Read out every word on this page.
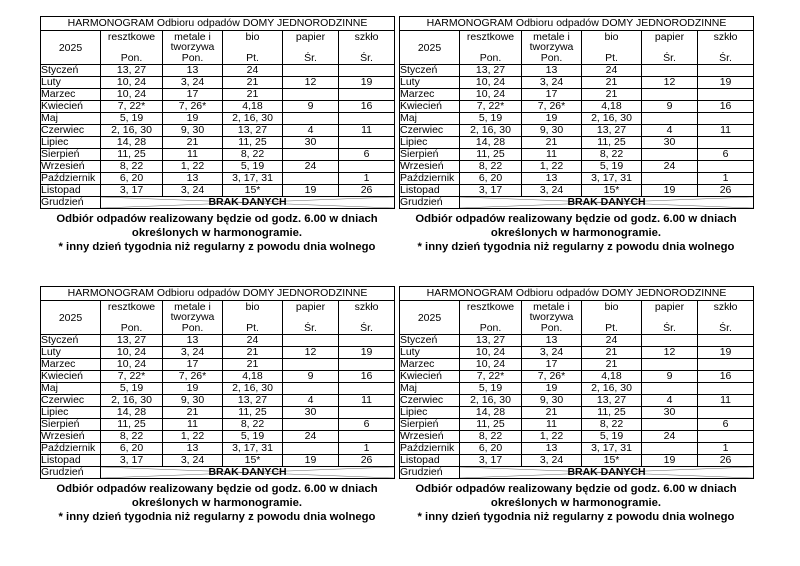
HARMONOGRAM Odbioru odpadów DOMY JEDNORODZINNE					
2025	resztkowe	metale i tworzywa	bio	papier	szkło
	Pon.	Pon.	Pt.	Śr.	Śr.
Styczeń	13, 27	13	24		
Luty	10, 24	3, 24	21	12	19
Marzec	10, 24	17	21		
Kwiecień	7, 22*	7, 26*	4,18	9	16
Maj	5, 19	19	2, 16, 30		
Czerwiec	2, 16, 30	9, 30	13, 27	4	11
Lipiec	14, 28	21	11, 25	30	
Sierpień	11, 25	11	8, 22		6
Wrzesień	8, 22	1, 22	5, 19	24	
Październik	6, 20	13	3, 17, 31		1
Listopad	3, 17	3, 24	15*	19	26
Grudzień	BRAK DANYCH				
Odbiór odpadów realizowany będzie od godz. 6.00 w dniach
określonych w harmonogramie.
* inny dzień tygodnia niż regularny z powodu dnia wolnego
HARMONOGRAM Odbioru odpadów DOMY JEDNORODZINNE					
2025	resztkowe	metale i tworzywa	bio	papier	szkło
	Pon.	Pon.	Pt.	Śr.	Śr.
Styczeń	13, 27	13	24		
Luty	10, 24	3, 24	21	12	19
Marzec	10, 24	17	21		
Kwiecień	7, 22*	7, 26*	4,18	9	16
Maj	5, 19	19	2, 16, 30		
Czerwiec	2, 16, 30	9, 30	13, 27	4	11
Lipiec	14, 28	21	11, 25	30	
Sierpień	11, 25	11	8, 22		6
Wrzesień	8, 22	1, 22	5, 19	24	
Październik	6, 20	13	3, 17, 31		1
Listopad	3, 17	3, 24	15*	19	26
Grudzień	BRAK DANYCH				
Odbiór odpadów realizowany będzie od godz. 6.00 w dniach
określonych w harmonogramie.
* inny dzień tygodnia niż regularny z powodu dnia wolnego
HARMONOGRAM Odbioru odpadów DOMY JEDNORODZINNE					
2025	resztkowe	metale i tworzywa	bio	papier	szkło
	Pon.	Pon.	Pt.	Śr.	Śr.
Styczeń	13, 27	13	24		
Luty	10, 24	3, 24	21	12	19
Marzec	10, 24	17	21		
Kwiecień	7, 22*	7, 26*	4,18	9	16
Maj	5, 19	19	2, 16, 30		
Czerwiec	2, 16, 30	9, 30	13, 27	4	11
Lipiec	14, 28	21	11, 25	30	
Sierpień	11, 25	11	8, 22		6
Wrzesień	8, 22	1, 22	5, 19	24	
Październik	6, 20	13	3, 17, 31		1
Listopad	3, 17	3, 24	15*	19	26
Grudzień	BRAK DANYCH				
Odbiór odpadów realizowany będzie od godz. 6.00 w dniach
określonych w harmonogramie.
* inny dzień tygodnia niż regularny z powodu dnia wolnego
HARMONOGRAM Odbioru odpadów DOMY JEDNORODZINNE					
2025	resztkowe	metale i tworzywa	bio	papier	szkło
	Pon.	Pon.	Pt.	Śr.	Śr.
Styczeń	13, 27	13	24		
Luty	10, 24	3, 24	21	12	19
Marzec	10, 24	17	21		
Kwiecień	7, 22*	7, 26*	4,18	9	16
Maj	5, 19	19	2, 16, 30		
Czerwiec	2, 16, 30	9, 30	13, 27	4	11
Lipiec	14, 28	21	11, 25	30	
Sierpień	11, 25	11	8, 22		6
Wrzesień	8, 22	1, 22	5, 19	24	
Październik	6, 20	13	3, 17, 31		1
Listopad	3, 17	3, 24	15*	19	26
Grudzień	BRAK DANYCH				
Odbiór odpadów realizowany będzie od godz. 6.00 w dniach
określonych w harmonogramie.
* inny dzień tygodnia niż regularny z powodu dnia wolnego
